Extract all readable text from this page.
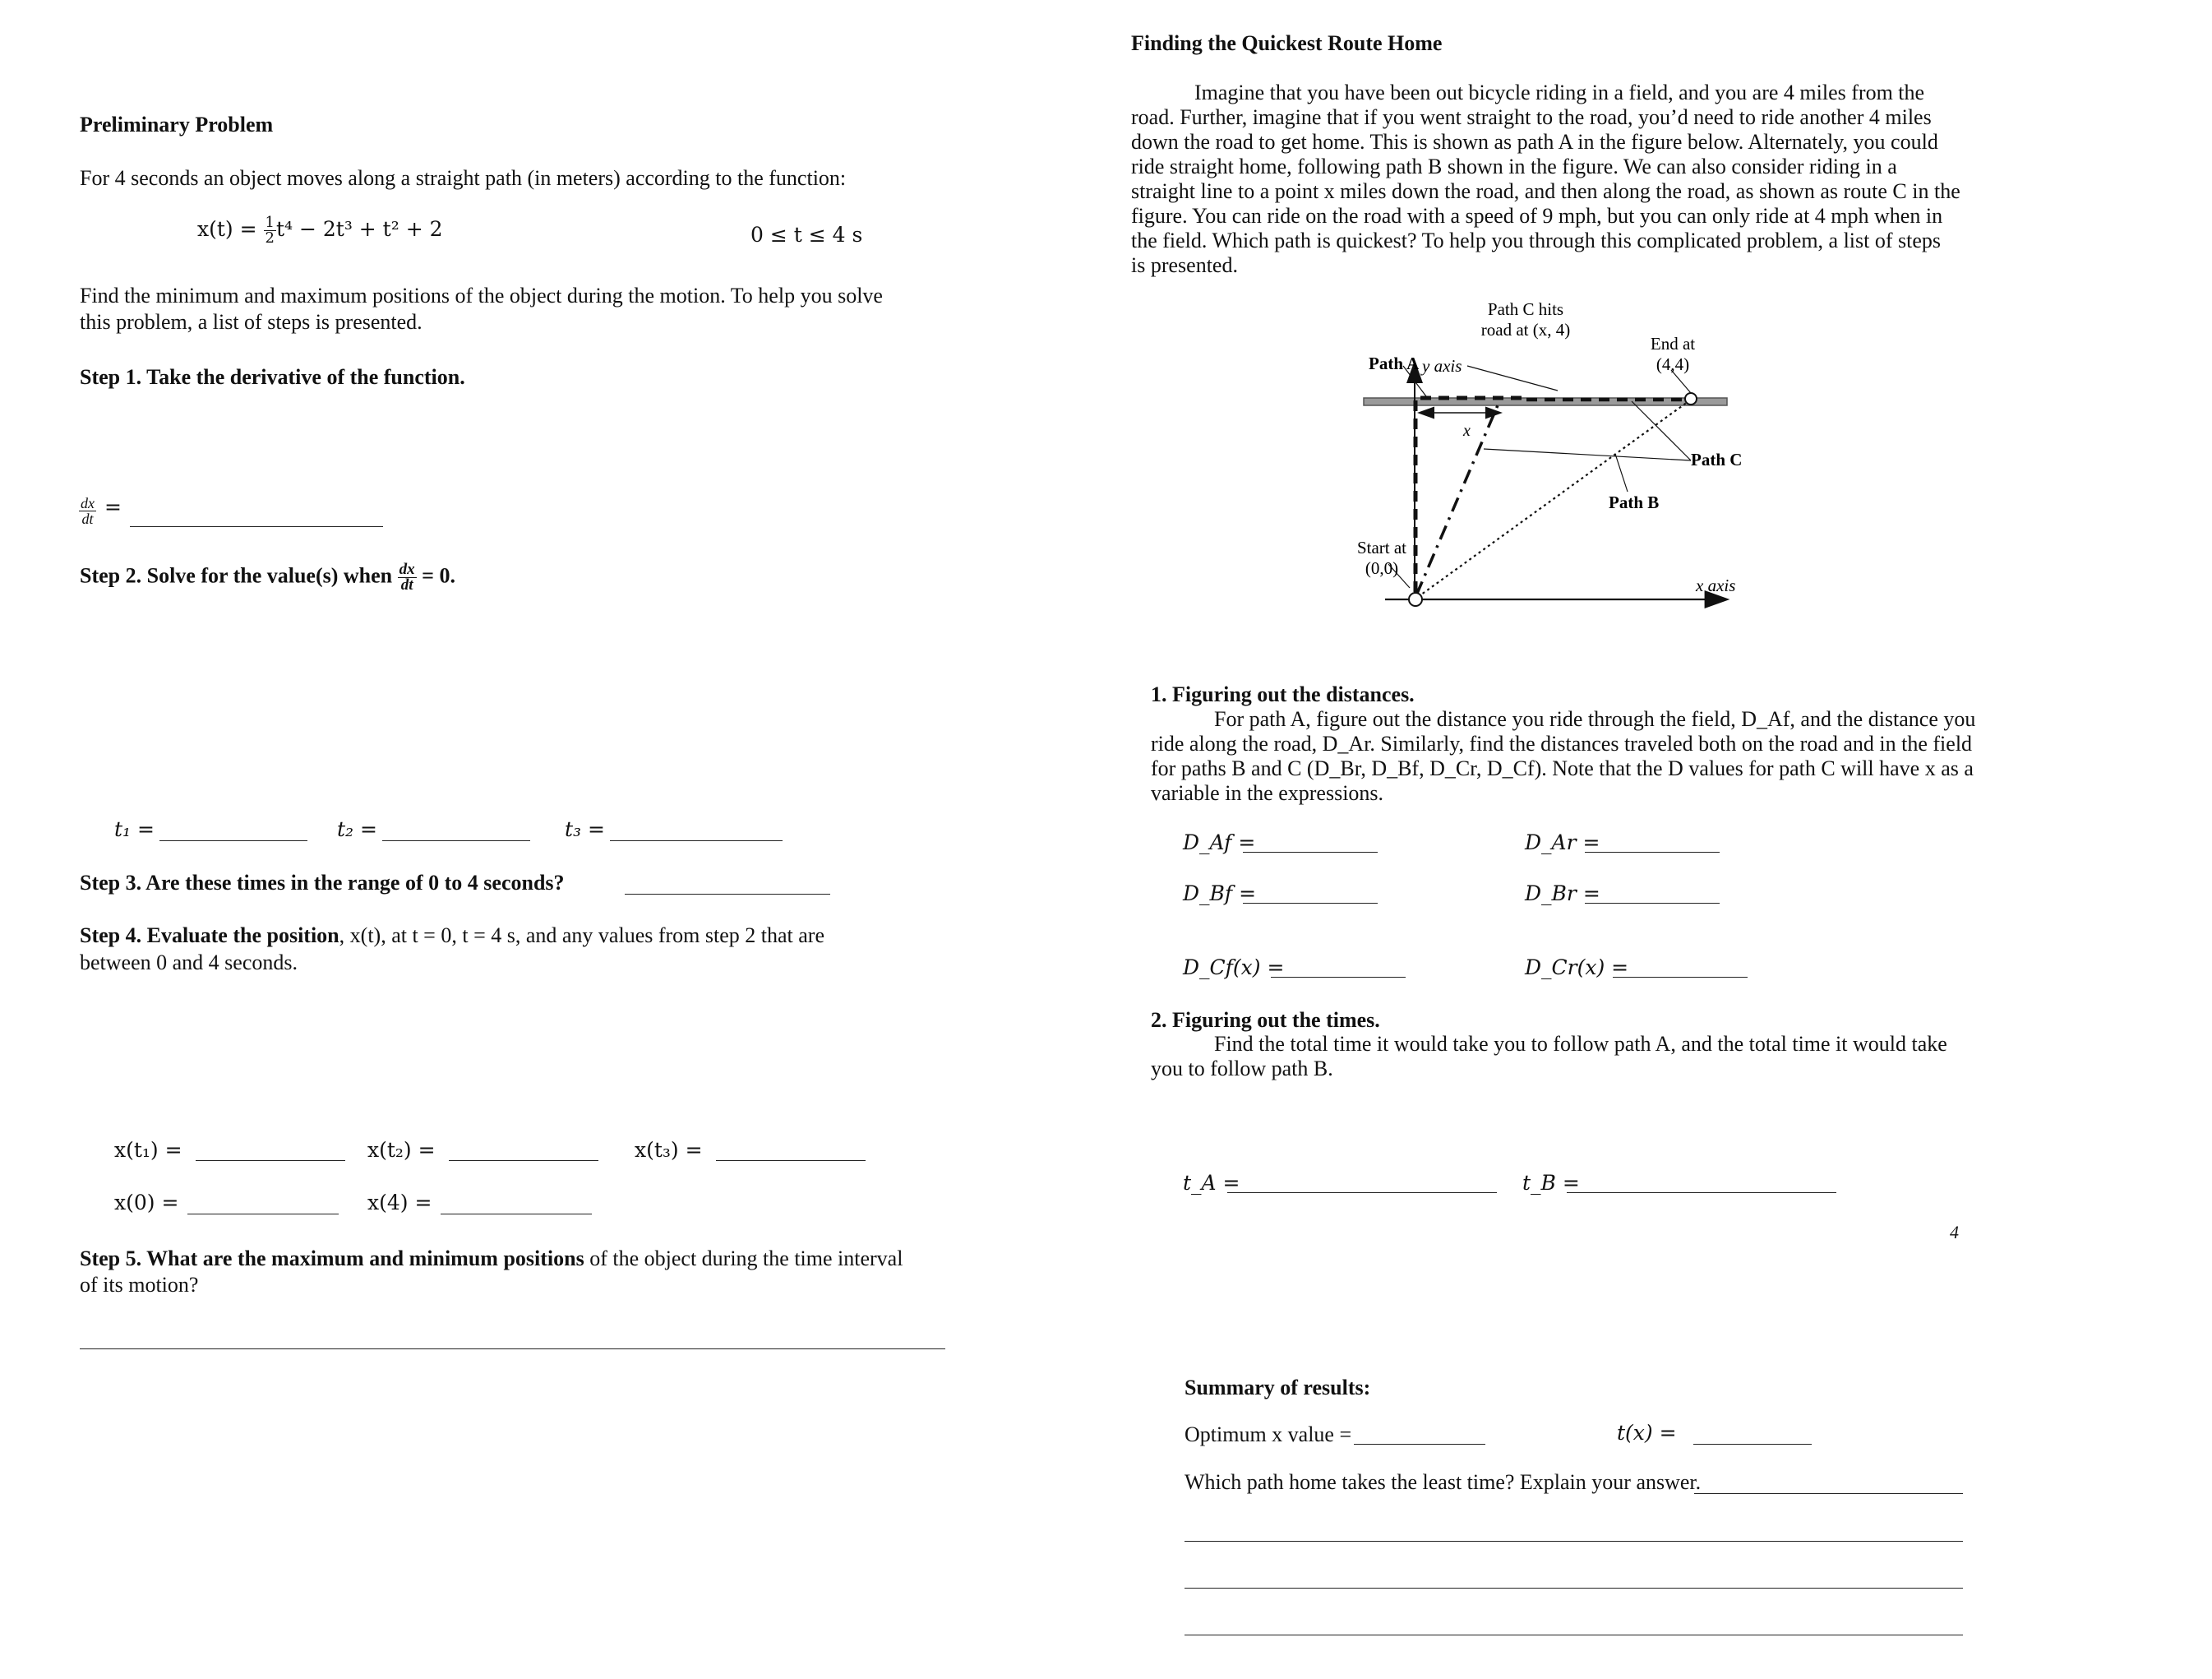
Preliminary Problem
For 4 seconds an object moves along a straight path (in meters) according to the function:
$x(t) = \frac{1}{2} t^4 - 2t^3 + t^2 + 2$	0 ≤ t ≤ 4 s
Find the minimum and maximum positions of the object during the motion. To help you solve
this problem, a list of steps is presented.
Step 1. Take the derivative of the function.
$\frac{dx}{dt}$ =
Step 2. Solve for the value(s) when $\frac{dx}{dt} = 0$.
t₁ =	t₂ =	t₃ =
Step 3. Are these times in the range of 0 to 4 seconds?
Step 4. Evaluate the position, x(t), at t = 0, t = 4 s, and any values from step 2 that are
between 0 and 4 seconds.
x(t₁) =	x(t₂) =	x(t₃) =
x(0) =	x(4) =
Step 5. What are the maximum and minimum positions of the object during the time interval
of its motion?
Finding the Quickest Route Home
Imagine that you have been out bicycle riding in a field, and you are 4 miles from the
road. Further, imagine that if you went straight to the road, you’d need to ride another 4 miles
down the road to get home. This is shown as path A in the figure below. Alternately, you could
ride straight home, following path B shown in the figure. We can also consider riding in a
straight line to a point x miles down the road, and then along the road, as shown as route C in the
figure. You can ride on the road with a speed of 9 mph, but you can only ride at 4 mph when in
the field. Which path is quickest? To help you through this complicated problem, a list of steps
is presented.
Path C hits
road at (x, 4)
End at
(4,4)
Path A y axis
x
Path C
Path B
Start at
(0,0)
x axis
1. Figuring out the distances.
For path A, figure out the distance you ride through the field, D_Af, and the distance you
ride along the road, D_Ar. Similarly, find the distances traveled both on the road and in the field
for paths B and C (D_Br, D_Bf, D_Cr, D_Cf). Note that the D values for path C will have x as a
variable in the expressions.
D_Af =	D_Ar =
D_Bf =	D_Br =
D_Cf(x) =	D_Cr(x) =
2. Figuring out the times.
Find the total time it would take you to follow path A, and the total time it would take
you to follow path B.
t_A =	t_B =
4
Summary of results:
Optimum x value =	t(x) =
Which path home takes the least time? Explain your answer.
